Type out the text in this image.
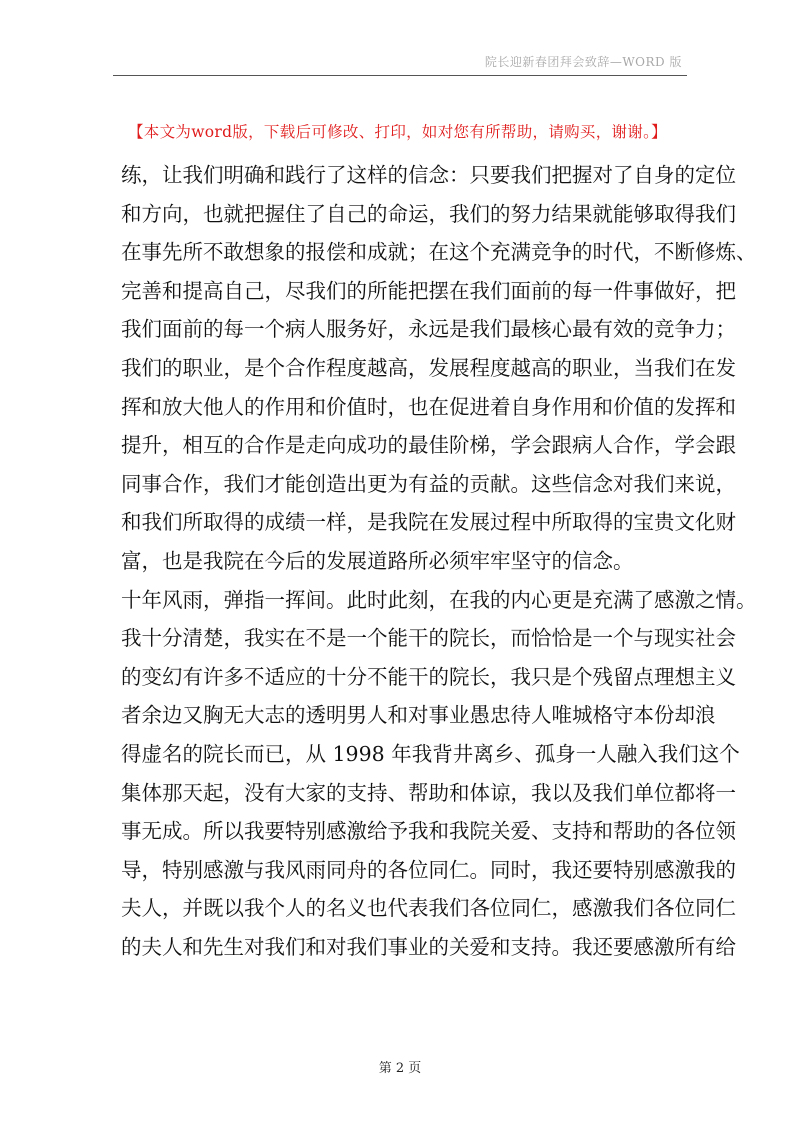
院长迎新春团拜会致辞—WORD 版
【本文为word版，下载后可修改、打印，如对您有所帮助，请购买，谢谢。】
练，让我们明确和践行了这样的信念：只要我们把握对了自身的定位
和方向，也就把握住了自己的命运，我们的努力结果就能够取得我们
在事先所不敢想象的报偿和成就；在这个充满竞争的时代，不断修炼、
完善和提高自己，尽我们的所能把摆在我们面前的每一件事做好，把
我们面前的每一个病人服务好，永远是我们最核心最有效的竞争力；
我们的职业，是个合作程度越高，发展程度越高的职业，当我们在发
挥和放大他人的作用和价值时，也在促进着自身作用和价值的发挥和
提升，相互的合作是走向成功的最佳阶梯，学会跟病人合作，学会跟
同事合作，我们才能创造出更为有益的贡献。这些信念对我们来说，
和我们所取得的成绩一样，是我院在发展过程中所取得的宝贵文化财
富，也是我院在今后的发展道路所必须牢牢坚守的信念。
十年风雨，弹指一挥间。此时此刻，在我的内心更是充满了感激之情。
我十分清楚，我实在不是一个能干的院长，而恰恰是一个与现实社会
的变幻有许多不适应的十分不能干的院长，我只是个残留点理想主义
者余边又胸无大志的透明男人和对事业愚忠待人唯城格守本份却浪
得虚名的院长而已，从 1998 年我背井离乡、孤身一人融入我们这个
集体那天起，没有大家的支持、帮助和体谅，我以及我们单位都将一
事无成。所以我要特别感激给予我和我院关爱、支持和帮助的各位领
导，特别感激与我风雨同舟的各位同仁。同时，我还要特别感激我的
夫人，并既以我个人的名义也代表我们各位同仁，感激我们各位同仁
的夫人和先生对我们和对我们事业的关爱和支持。我还要感激所有给
第 2 页
